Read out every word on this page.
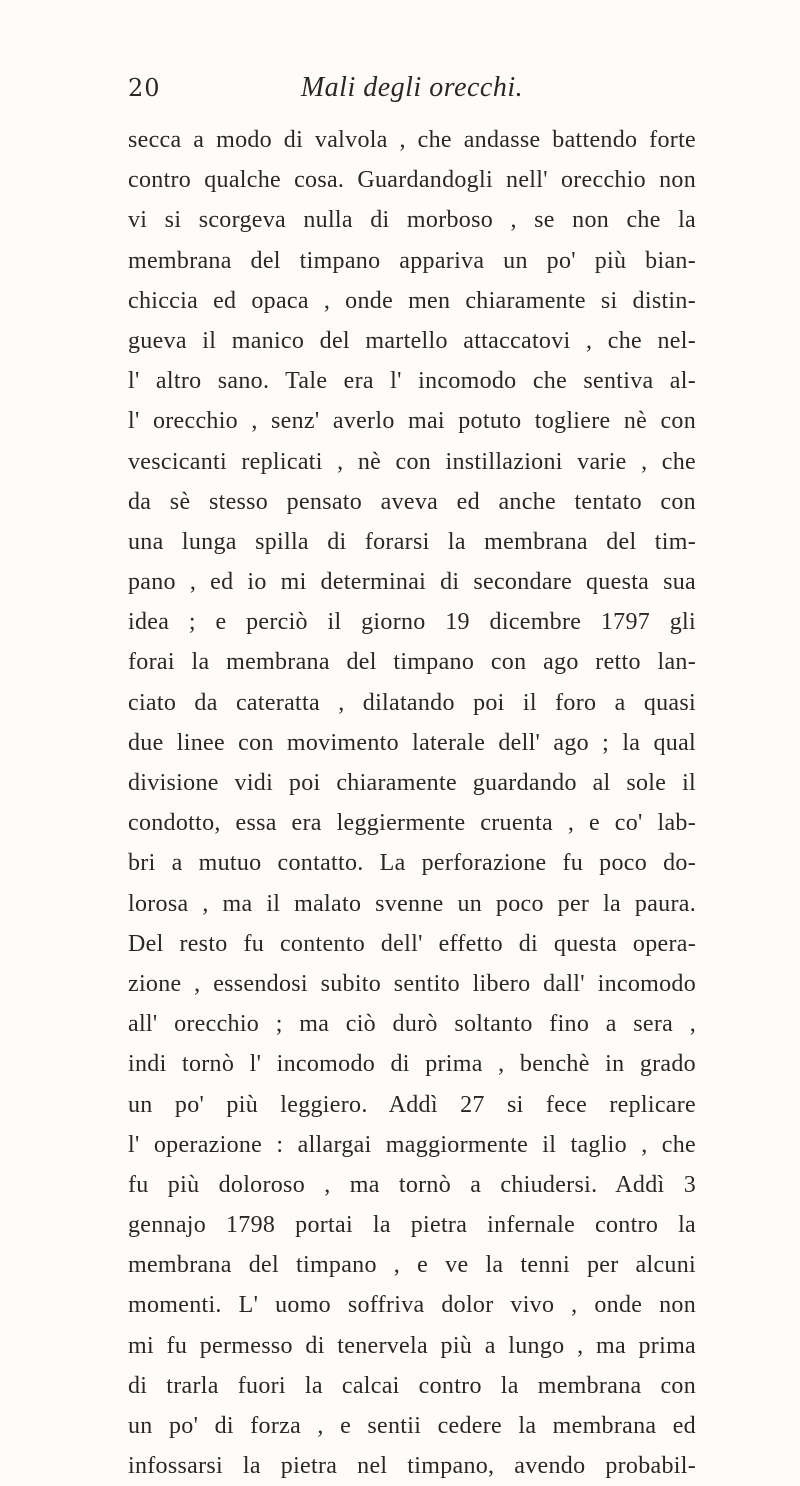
20	Mali degli orecchi.
secca a modo di valvola , che andasse battendo forte
contro qualche cosa. Guardandogli nell' orecchio non
vi si scorgeva nulla di morboso , se non che la
membrana del timpano appariva un po' più bian-
chiccia ed opaca , onde men chiaramente si distin-
gueva il manico del martello attaccatovi , che nel-
l' altro sano. Tale era l' incomodo che sentiva al-
l' orecchio , senz' averlo mai potuto togliere nè con
vescicanti replicati , nè con instillazioni varie , che
da sè stesso pensato aveva ed anche tentato con
una lunga spilla di forarsi la membrana del tim-
pano , ed io mi determinai di secondare questa sua
idea ; e perciò il giorno 19 dicembre 1797 gli
forai la membrana del timpano con ago retto lan-
ciato da cateratta , dilatando poi il foro a quasi
due linee con movimento laterale dell' ago ; la qual
divisione vidi poi chiaramente guardando al sole il
condotto, essa era leggiermente cruenta , e co' lab-
bri a mutuo contatto. La perforazione fu poco do-
lorosa , ma il malato svenne un poco per la paura.
Del resto fu contento dell' effetto di questa opera-
zione , essendosi subito sentito libero dall' incomodo
all' orecchio ; ma ciò durò soltanto fino a sera ,
indi tornò l' incomodo di prima , benchè in grado
un po' più leggiero. Addì 27 si fece replicare
l' operazione : allargai maggiormente il taglio , che
fu più doloroso , ma tornò a chiudersi. Addì 3
gennajo 1798 portai la pietra infernale contro la
membrana del timpano , e ve la tenni per alcuni
momenti. L' uomo soffriva dolor vivo , onde non
mi fu permesso di tenervela più a lungo , ma prima
di trarla fuori la calcai contro la membrana con
un po' di forza , e sentii cedere la membrana ed
infossarsi la pietra nel timpano, avendo probabil-
